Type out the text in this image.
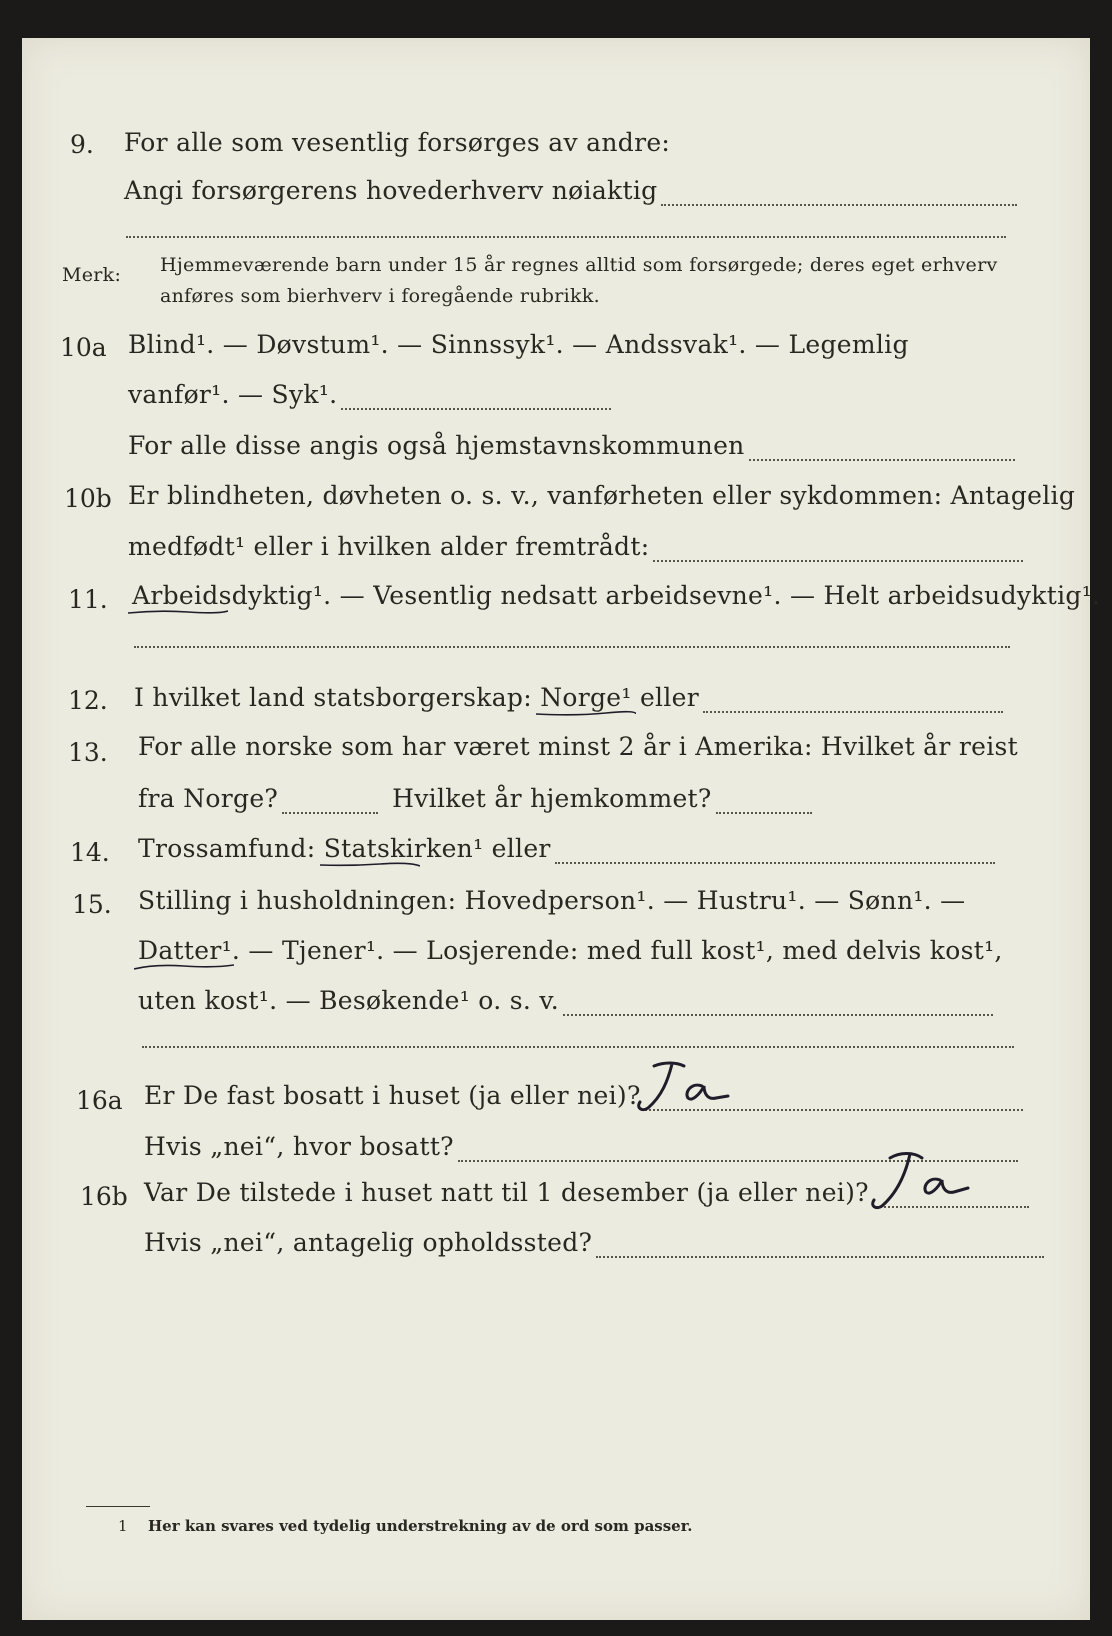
9.	For alle som vesentlig forsørges av andre:
Angi forsørgerens hovederhverv nøiaktig
Merk: Hjemmeværende barn under 15 år regnes alltid som forsørgede; deres eget erhverv
anføres som bierhverv i foregående rubrikk.
10a Blind¹. — Døvstum¹. — Sinnssyk¹. — Andssvak¹. — Legemlig
vanfør¹. — Syk¹.
For alle disse angis også hjemstavnskommunen
10b Er blindheten, døvheten o. s. v., vanførheten eller sykdommen: Antagelig
medfødt¹ eller i hvilken alder fremtrådt:
11. Arbeidsdyktig¹.
— Vesentlig nedsatt arbeidsevne¹. — Helt arbeidsudyktig¹.
12.	I hvilket land statsborgerskap: Norge¹
eller
13.	For alle norske som har været minst 2 år i Amerika: Hvilket år reist
fra Norge?	Hvilket år hjemkommet?
14.	Trossamfund: Statskirken¹
eller
15.	Stilling i husholdningen: Hovedperson¹. — Hustru¹. — Sønn¹. —
Datter¹.
— Tjener¹. — Losjerende: med full kost¹, med delvis kost¹,
uten kost¹. — Besøkende¹ o. s. v.
16a Er De fast bosatt i huset (ja eller nei)?
Hvis „nei“, hvor bosatt?
16b Var De tilstede i huset natt til 1 desember (ja eller nei)?
Hvis „nei“, antagelig opholdssted?
1 Her kan svares ved tydelig understrekning av de ord som passer.
